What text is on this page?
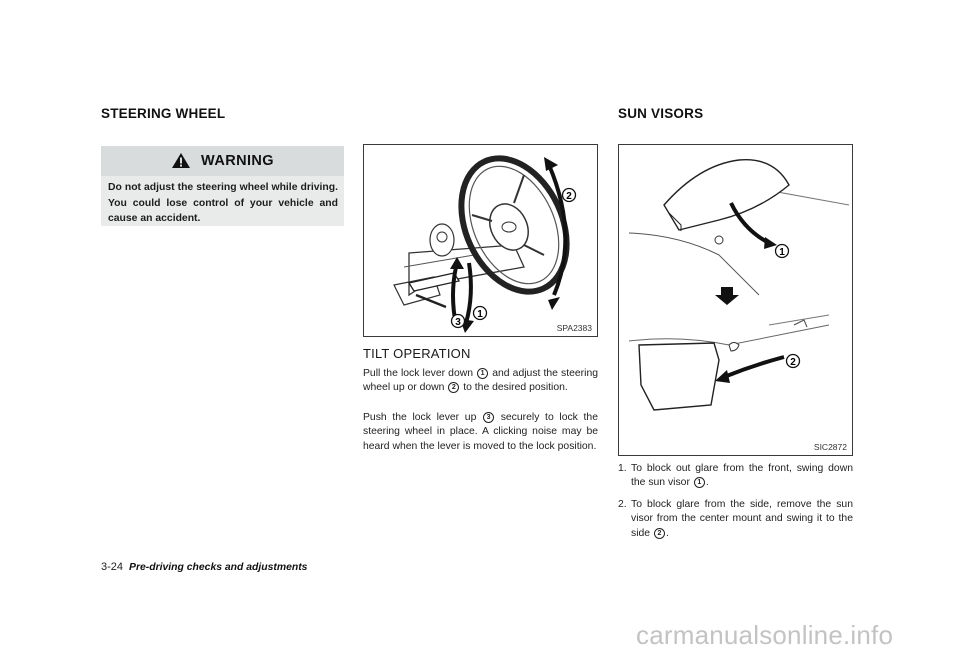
STEERING WHEEL
WARNING
Do not adjust the steering wheel while driving. You could lose control of your vehicle and cause an accident.
2
1
3	SPA2383
TILT OPERATION
Pull the lock lever down 1 and adjust the steering wheel up or down 2 to the desired position.
Push the lock lever up 3 securely to lock the steering wheel in place. A clicking noise may be heard when the lever is moved to the lock position.
SUN VISORS
1
2
SIC2872
1. To block out glare from the front, swing down the sun visor 1 .
2. To block glare from the side, remove the sun visor from the center mount and swing it to the side 2 .
3-24 Pre-driving checks and adjustments
carmanualsonline.info
